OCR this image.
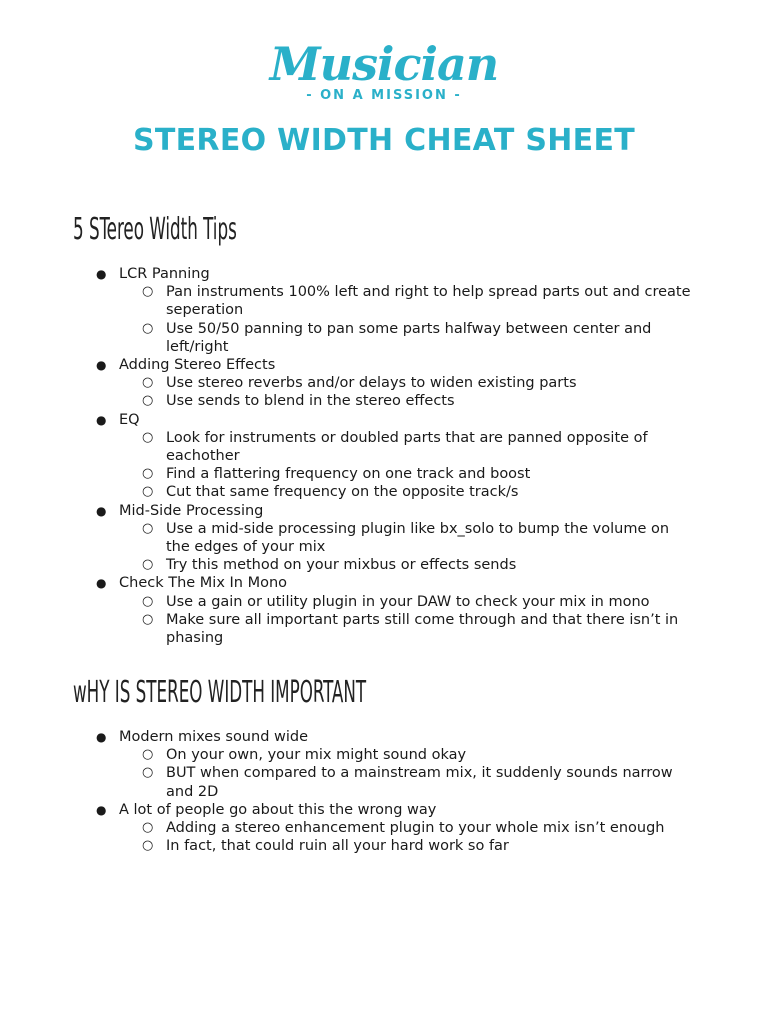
Musician
- ON A MISSION -
STEREO WIDTH CHEAT SHEET
5 STereo Width Tips
● LCR Panning
○ Pan instruments 100% left and right to help spread parts out and create seperation
○ Use 50/50 panning to pan some parts halfway between center and left/right
● Adding Stereo Effects
○ Use stereo reverbs and/or delays to widen existing parts
○ Use sends to blend in the stereo effects
● EQ
○ Look for instruments or doubled parts that are panned opposite of eachother
○ Find a flattering frequency on one track and boost
○ Cut that same frequency on the opposite track/s
● Mid-Side Processing
○ Use a mid-side processing plugin like bx_solo to bump the volume on the edges of your mix
○ Try this method on your mixbus or effects sends
● Check The Mix In Mono
○ Use a gain or utility plugin in your DAW to check your mix in mono
○ Make sure all important parts still come through and that there isn’t in phasing
wHY IS STEREO WIDTH IMPORTANT
● Modern mixes sound wide
○ On your own, your mix might sound okay
○ BUT when compared to a mainstream mix, it suddenly sounds narrow and 2D
● A lot of people go about this the wrong way
○ Adding a stereo enhancement plugin to your whole mix isn’t enough
○ In fact, that could ruin all your hard work so far
